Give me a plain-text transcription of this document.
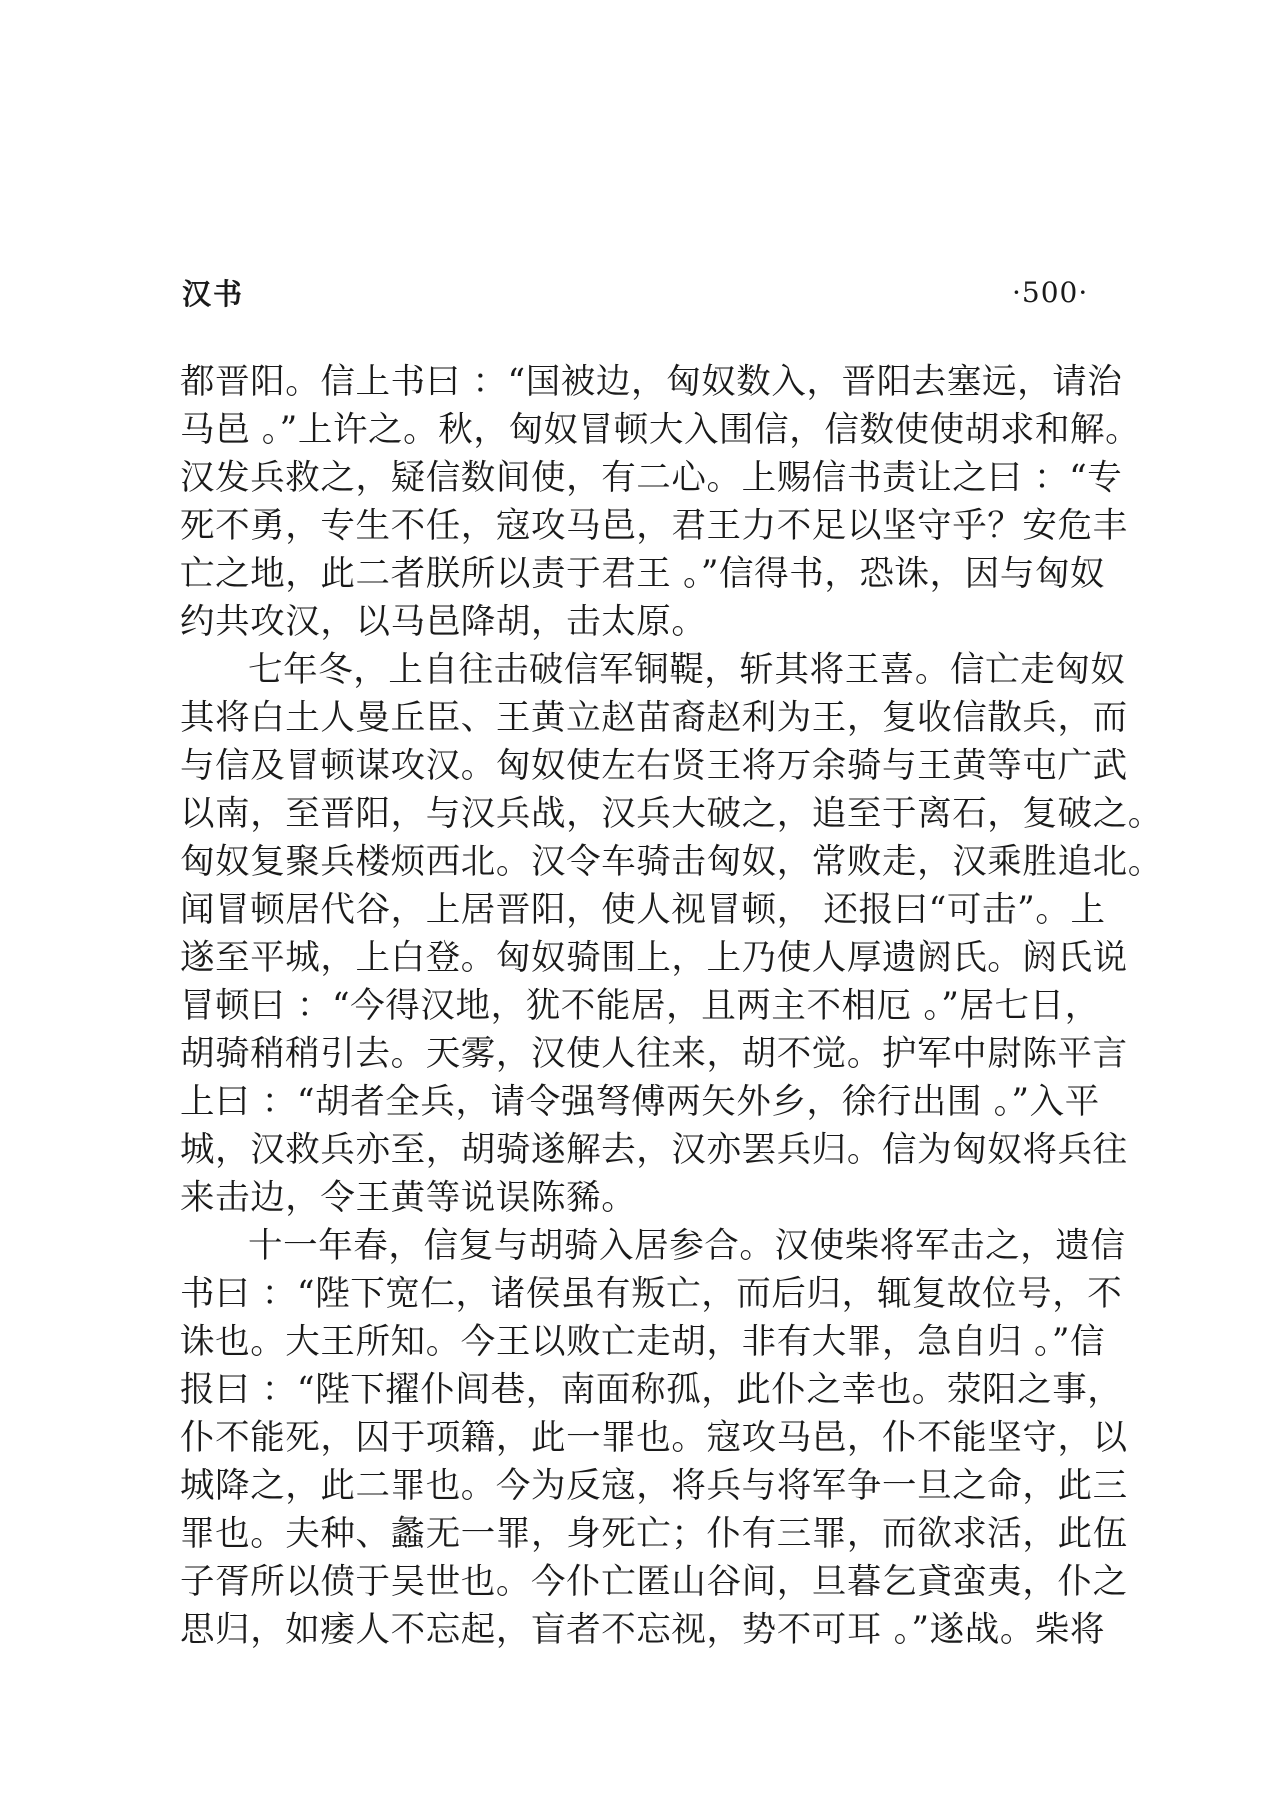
汉书	·500·
都晋阳。信上书曰 ：“国被边，匈奴数入，晋阳去塞远，请治
马邑 。”上许之。秋，匈奴冒顿大入围信，信数使使胡求和解。
汉发兵救之，疑信数间使，有二心。上赐信书责让之曰 ：“专
死不勇，专生不任，寇攻马邑，君王力不足以坚守乎？安危丰
亡之地，此二者朕所以责于君王 。”信得书，恐诛，因与匈奴
约共攻汉，以马邑降胡，击太原。
七年冬，上自往击破信军铜鞮，斩其将王喜。信亡走匈奴
其将白土人曼丘臣、王黄立赵苗裔赵利为王，复收信散兵，而
与信及冒顿谋攻汉。匈奴使左右贤王将万余骑与王黄等屯广武
以南，至晋阳，与汉兵战，汉兵大破之，追至于离石，复破之。
匈奴复聚兵楼烦西北。汉令车骑击匈奴，常败走，汉乘胜追北。
闻冒顿居代谷，上居晋阳，使人视冒顿， 还报曰“可击”。上
遂至平城，上白登。匈奴骑围上，上乃使人厚遗阏氏。阏氏说
冒顿曰 ：“今得汉地，犹不能居，且两主不相厄 。”居七日，
胡骑稍稍引去。天雾，汉使人往来，胡不觉。护军中尉陈平言
上曰 ：“胡者全兵，请令强弩傅两矢外乡，徐行出围 。”入平
城，汉救兵亦至，胡骑遂解去，汉亦罢兵归。信为匈奴将兵往
来击边，令王黄等说误陈豨。
十一年春，信复与胡骑入居参合。汉使柴将军击之，遗信
书曰 ：“陛下宽仁，诸侯虽有叛亡，而后归，辄复故位号，不
诛也。大王所知。今王以败亡走胡，非有大罪，急自归 。”信
报曰 ：“陛下擢仆闾巷，南面称孤，此仆之幸也。荥阳之事，
仆不能死，囚于项籍，此一罪也。寇攻马邑，仆不能坚守，以
城降之，此二罪也。今为反寇，将兵与将军争一旦之命，此三
罪也。夫种、蠡无一罪，身死亡；仆有三罪，而欲求活，此伍
子胥所以偾于吴世也。今仆亡匿山谷间，旦暮乞貣蛮夷，仆之
思归，如痿人不忘起，盲者不忘视，势不可耳 。”遂战。柴将
